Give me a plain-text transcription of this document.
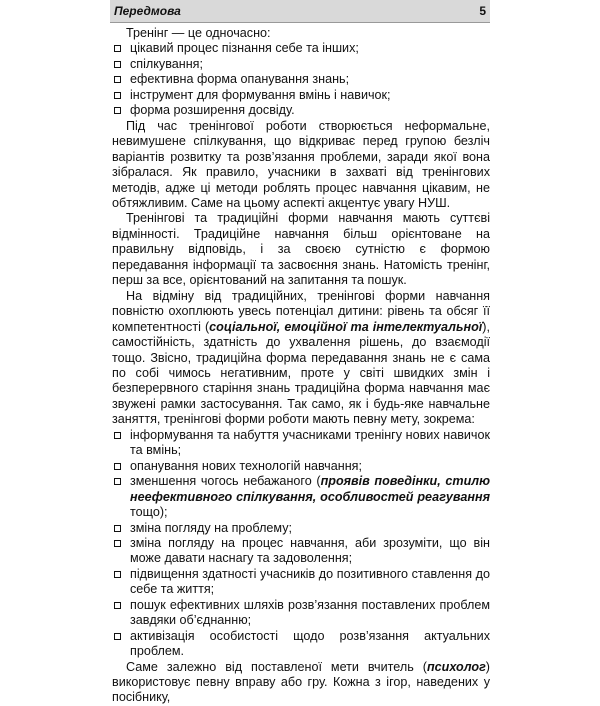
Передмова	5

Тренінг — це одночасно:

цікавий процес пізнання себе та інших;
спілкування;
ефективна форма опанування знань;
інструмент для формування вмінь і навичок;
форма розширення досвіду.

Під час тренінгової роботи створюється неформальне, невимушене спілкування, що відкриває перед групою безліч варіантів розвитку та розв’язання проблеми, заради якої вона зібралася. Як правило, учасники в захваті від тренінгових методів, адже ці методи роблять процес навчання цікавим, не обтяжливим. Саме на цьому аспекті акцентує увагу НУШ.

Тренінгові та традиційні форми навчання мають суттєві відмінності. Традиційне навчання більш орієнтоване на правильну відповідь, і за своєю сутністю є формою передавання інформації та засвоєння знань. Натомість тренінг, перш за все, орієнтований на запитання та пошук.

На відміну від традиційних, тренінгові форми навчання повністю охоплюють увесь потенціал дитини: рівень та обсяг її компетентності (соціальної, емоційної та інтелектуальної), самостійність, здатність до ухвалення рішень, до взаємодії тощо. Звісно, традиційна форма передавання знань не є сама по собі чимось негативним, проте у світі швидких змін і безперервного старіння знань традиційна форма навчання має звужені рамки застосування. Так само, як і будь-яке навчальне заняття, тренінгові форми роботи мають певну мету, зокрема:

інформування та набуття учасниками тренінгу нових навичок та вмінь;
опанування нових технологій навчання;
зменшення чогось небажаного (проявів поведінки, стилю неефективного спілкування, особливостей реагування тощо);
зміна погляду на проблему;
зміна погляду на процес навчання, аби зрозуміти, що він може давати наснагу та задоволення;
підвищення здатності учасників до позитивного ставлення до себе та життя;
пошук ефективних шляхів розв’язання поставлених проблем завдяки об’єднанню;
активізація особистості щодо розв’язання актуальних проблем.

Саме залежно від поставленої мети вчитель (психолог) використовує певну вправу або гру. Кожна з ігор, наведених у посібнику,
